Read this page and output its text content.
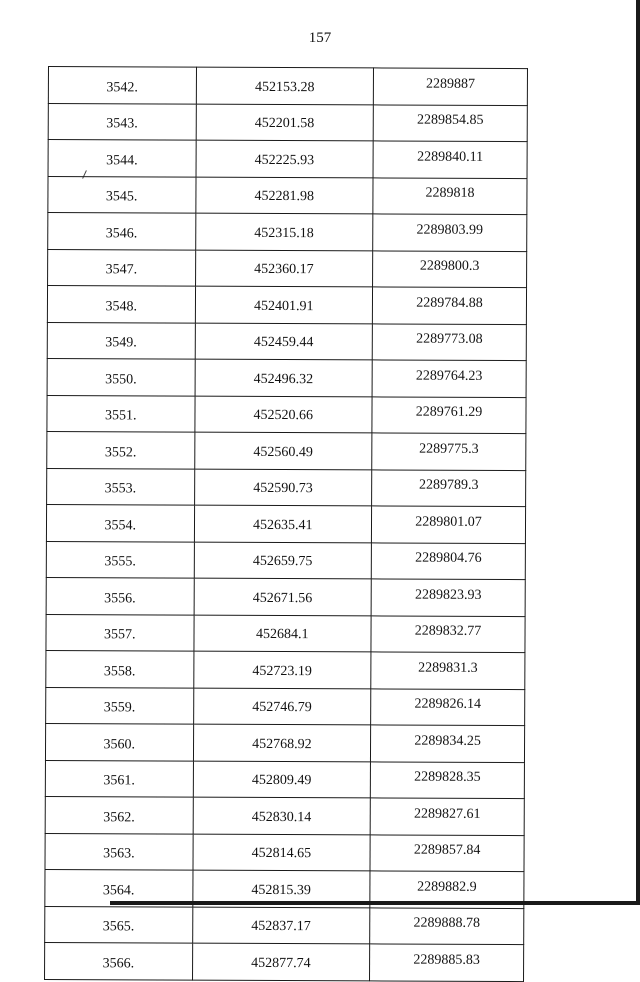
157
3542.	452153.28	2289887
3543.	452201.58	2289854.85
3544.	452225.93	2289840.11
3545.	452281.98	2289818
3546.	452315.18	2289803.99
3547.	452360.17	2289800.3
3548.	452401.91	2289784.88
3549.	452459.44	2289773.08
3550.	452496.32	2289764.23
3551.	452520.66	2289761.29
3552.	452560.49	2289775.3
3553.	452590.73	2289789.3
3554.	452635.41	2289801.07
3555.	452659.75	2289804.76
3556.	452671.56	2289823.93
3557.	452684.1	2289832.77
3558.	452723.19	2289831.3
3559.	452746.79	2289826.14
3560.	452768.92	2289834.25
3561.	452809.49	2289828.35
3562.	452830.14	2289827.61
3563.	452814.65	2289857.84
3564.	452815.39	2289882.9
3565.	452837.17	2289888.78
3566.	452877.74	2289885.83
